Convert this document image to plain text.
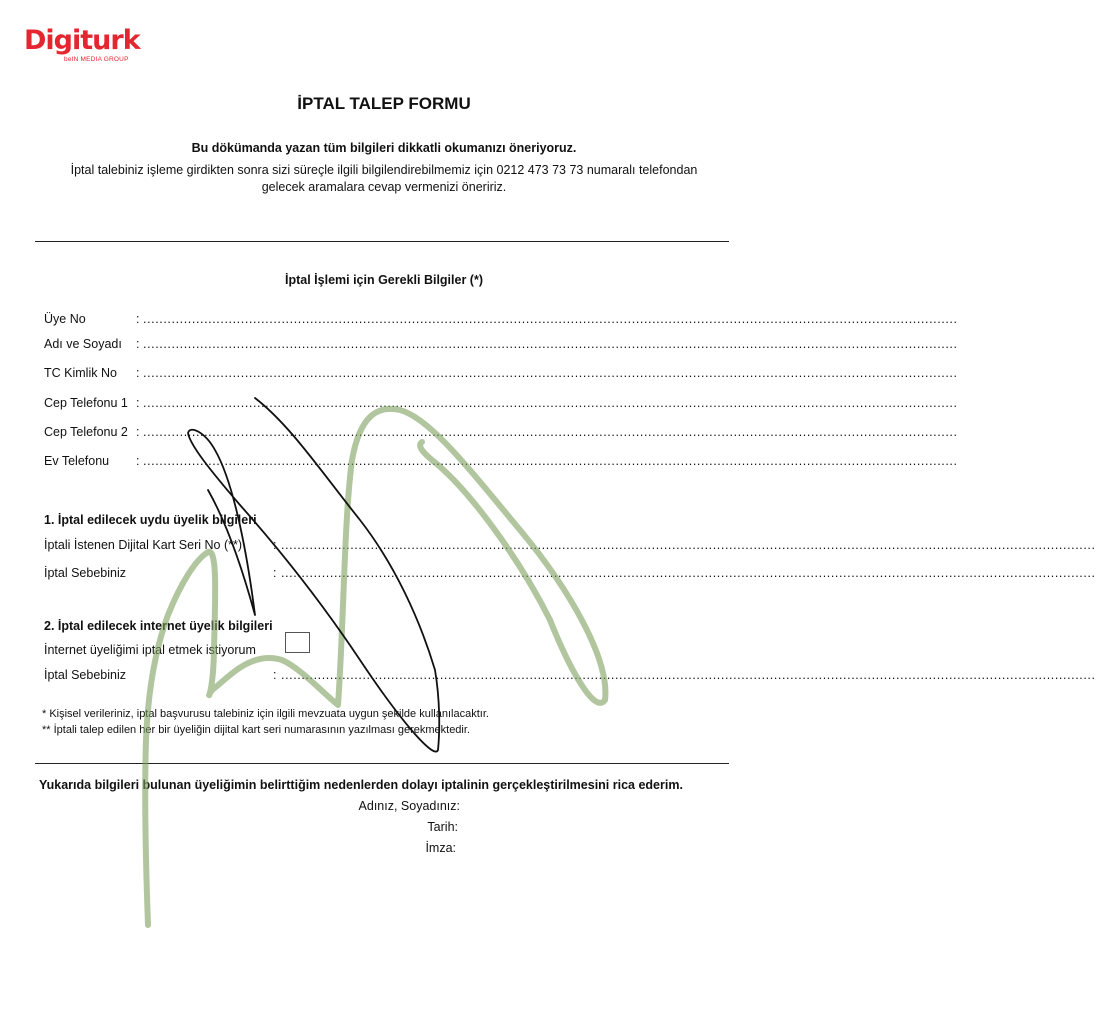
Digiturk
beIN MEDIA GROUP
İPTAL TALEP FORMU
Bu dökümanda yazan tüm bilgileri dikkatli okumanızı öneriyoruz.
İptal talebiniz işleme girdikten sonra sizi süreçle ilgili bilgilendirebilmemiz için 0212 473 73 73 numaralı telefondan
gelecek aramalara cevap vermenizi öneririz.
İptal İşlemi için Gerekli Bilgiler (*)
Üye No	: ........................................................................................................................................................................................................
Adı ve Soyadı : ........................................................................................................................................................................................................
TC Kimlik No : ........................................................................................................................................................................................................
Cep Telefonu 1 : ........................................................................................................................................................................................................
Cep Telefonu 2 : ........................................................................................................................................................................................................
Ev Telefonu : ........................................................................................................................................................................................................
1. İptal edilecek uydu üyelik bilgileri
İptali İstenen Dijital Kart Seri No (**) : ........................................................................................................................................................................................................
İptal Sebebiniz	: ........................................................................................................................................................................................................
2. İptal edilecek internet üyelik bilgileri
İnternet üyeliğimi iptal etmek istiyorum
İptal Sebebiniz	: ........................................................................................................................................................................................................
* Kişisel verileriniz, iptal başvurusu talebiniz için ilgili mevzuata uygun şekilde kullanılacaktır.
** İptali talep edilen her bir üyeliğin dijital kart seri numarasının yazılması gerekmektedir.
Yukarıda bilgileri bulunan üyeliğimin belirttiğim nedenlerden dolayı iptalinin gerçekleştirilmesini rica ederim.
Adınız, Soyadınız:
Tarih:
İmza:
